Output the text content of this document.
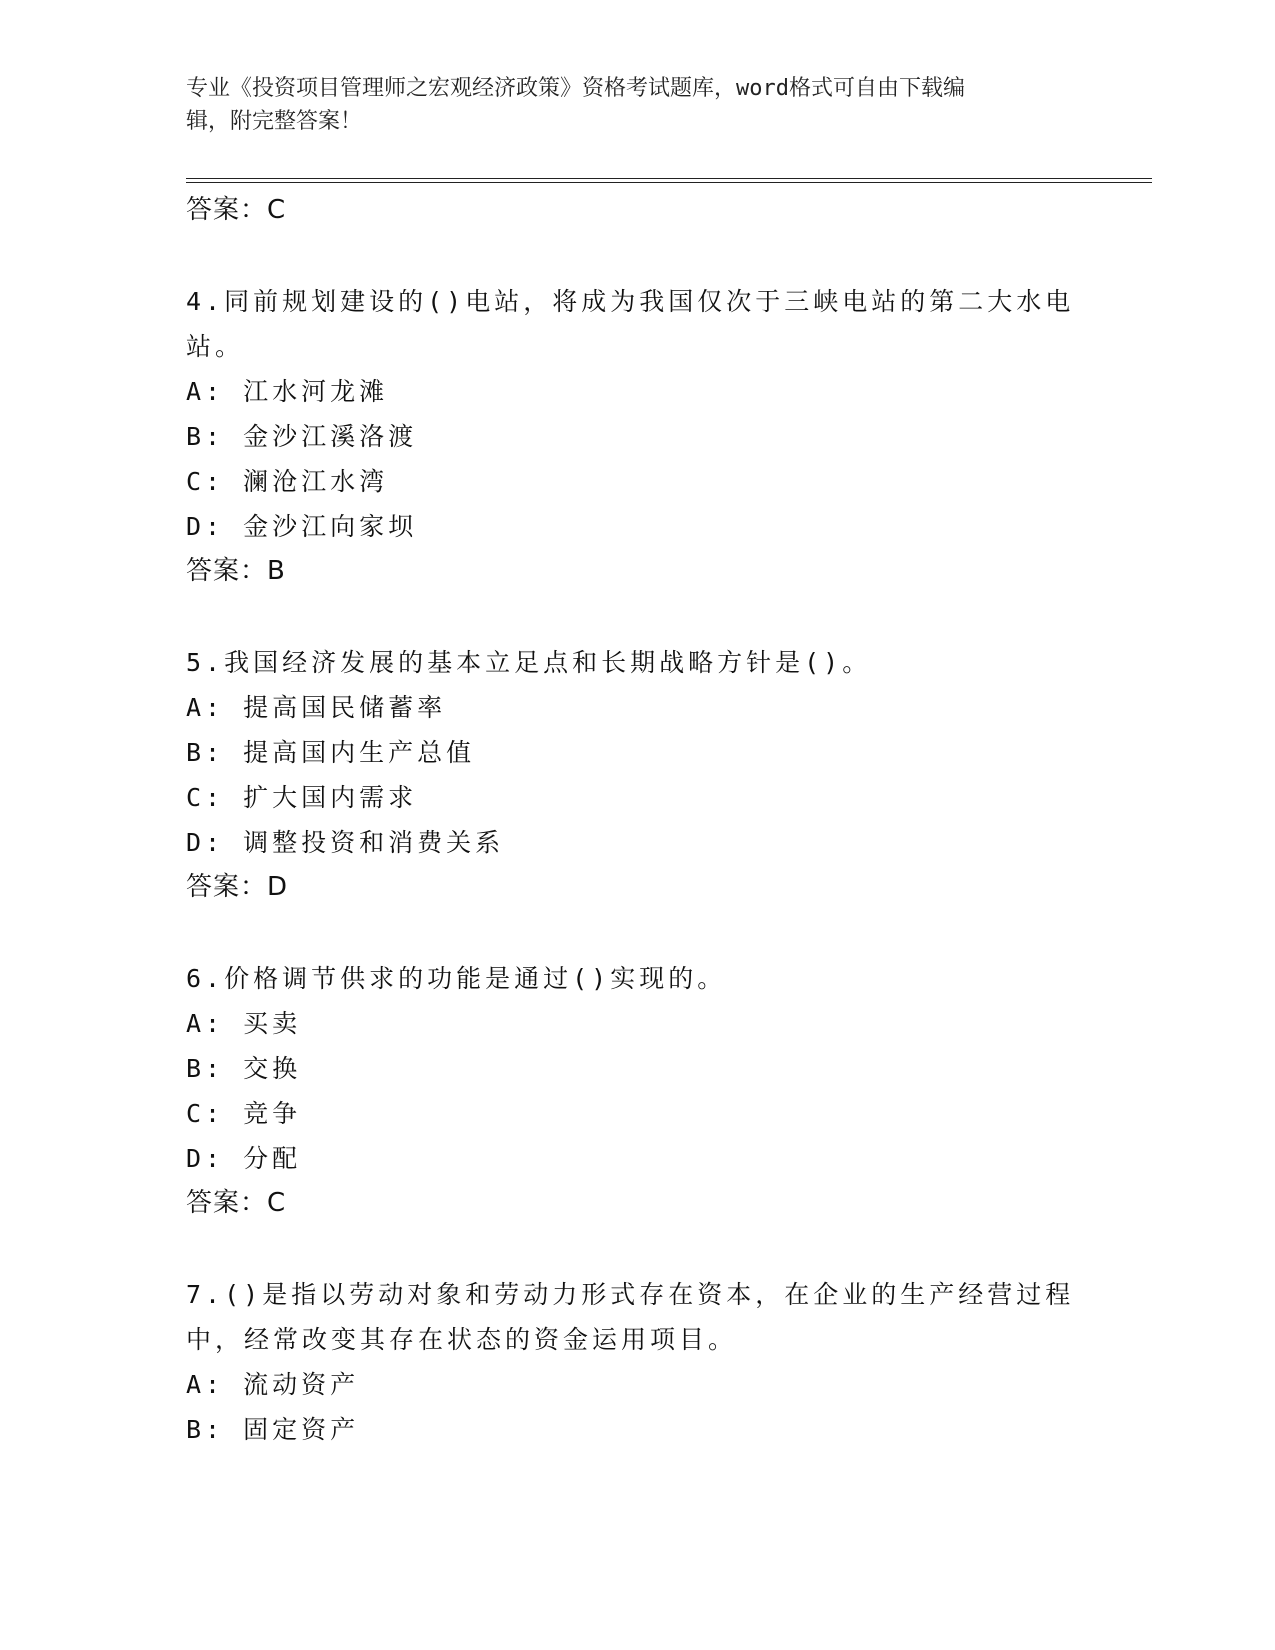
专业《投资项目管理师之宏观经济政策》资格考试题库，word格式可自由下载编
辑，附完整答案！
答案：C
4.同前规划建设的()电站，将成为我国仅次于三峡电站的第二大水电
站。
A: 江水河龙滩
B: 金沙江溪洛渡
C: 澜沧江水湾
D: 金沙江向家坝
答案：B
5.我国经济发展的基本立足点和长期战略方针是()。
A: 提高国民储蓄率
B: 提高国内生产总值
C: 扩大国内需求
D: 调整投资和消费关系
答案：D
6.价格调节供求的功能是通过()实现的。
A: 买卖
B: 交换
C: 竞争
D: 分配
答案：C
7.()是指以劳动对象和劳动力形式存在资本，在企业的生产经营过程
中，经常改变其存在状态的资金运用项目。
A: 流动资产
B: 固定资产
